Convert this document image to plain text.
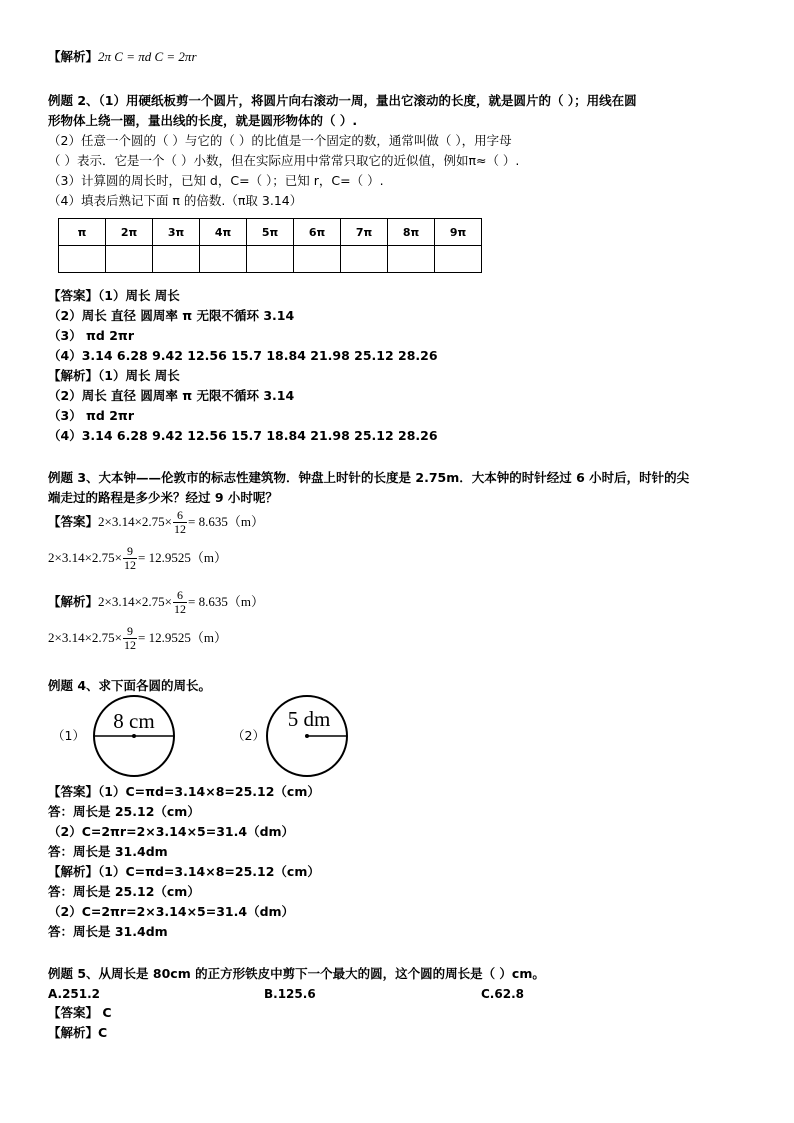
【解析】2π C = πd C = 2πr
例题 2、（1）用硬纸板剪一个圆片，将圆片向右滚动一周，量出它滚动的长度，就是圆片的（ ）；用线在圆
形物体上绕一圈，量出线的长度，就是圆形物体的（ ）.
（2）任意一个圆的（ ）与它的（ ）的比值是一个固定的数，通常叫做（ ），用字母
（ ）表示．它是一个（ ）小数，但在实际应用中常常只取它的近似值，例如π≈（ ）.
（3）计算圆的周长时，已知 d，C=（ ）；已知 r，C=（ ）.
（4）填表后熟记下面 π 的倍数.（π取 3.14）
π	2π	3π	4π	5π	6π	7π	8π	9π

【答案】（1）周长 周长
（2）周长 直径 圆周率 π 无限不循环 3.14
（3） πd 2πr
（4）3.14 6.28 9.42 12.56 15.7 18.84 21.98 25.12 28.26
【解析】（1）周长 周长
（2）周长 直径 圆周率 π 无限不循环 3.14
（3） πd 2πr
（4）3.14 6.28 9.42 12.56 15.7 18.84 21.98 25.12 28.26
例题 3、大本钟——伦敦市的标志性建筑物．钟盘上时针的长度是 2.75m．大本钟的时针经过 6 小时后，时针的尖
端走过的路程是多少米？经过 9 小时呢？
【答案】$2\times 3.14\times 2.75\times \frac{6}{12} = 8.635(m)$
$2\times 3.14\times 2.75\times \frac{9}{12} = 12.9525(m)$
【解析】$2\times 3.14\times 2.75\times \frac{6}{12} = 8.635(m)$
$2\times 3.14\times 2.75\times \frac{9}{12} = 12.9525(m)$
例题 4、求下面各圆的周长。
（1）
8 cm
（2）
5 dm
【答案】（1）C=πd=3.14×8=25.12（cm）
答：周长是 25.12（cm）
（2）C=2πr=2×3.14×5=31.4（dm）
答：周长是 31.4dm
【解析】（1）C=πd=3.14×8=25.12（cm）
答：周长是 25.12（cm）
（2）C=2πr=2×3.14×5=31.4（dm）
答：周长是 31.4dm
例题 5、从周长是 80cm 的正方形铁皮中剪下一个最大的圆，这个圆的周长是（ ）cm。
A.251.2	B.125.6	C.62.8
【答案】 C
【解析】C
